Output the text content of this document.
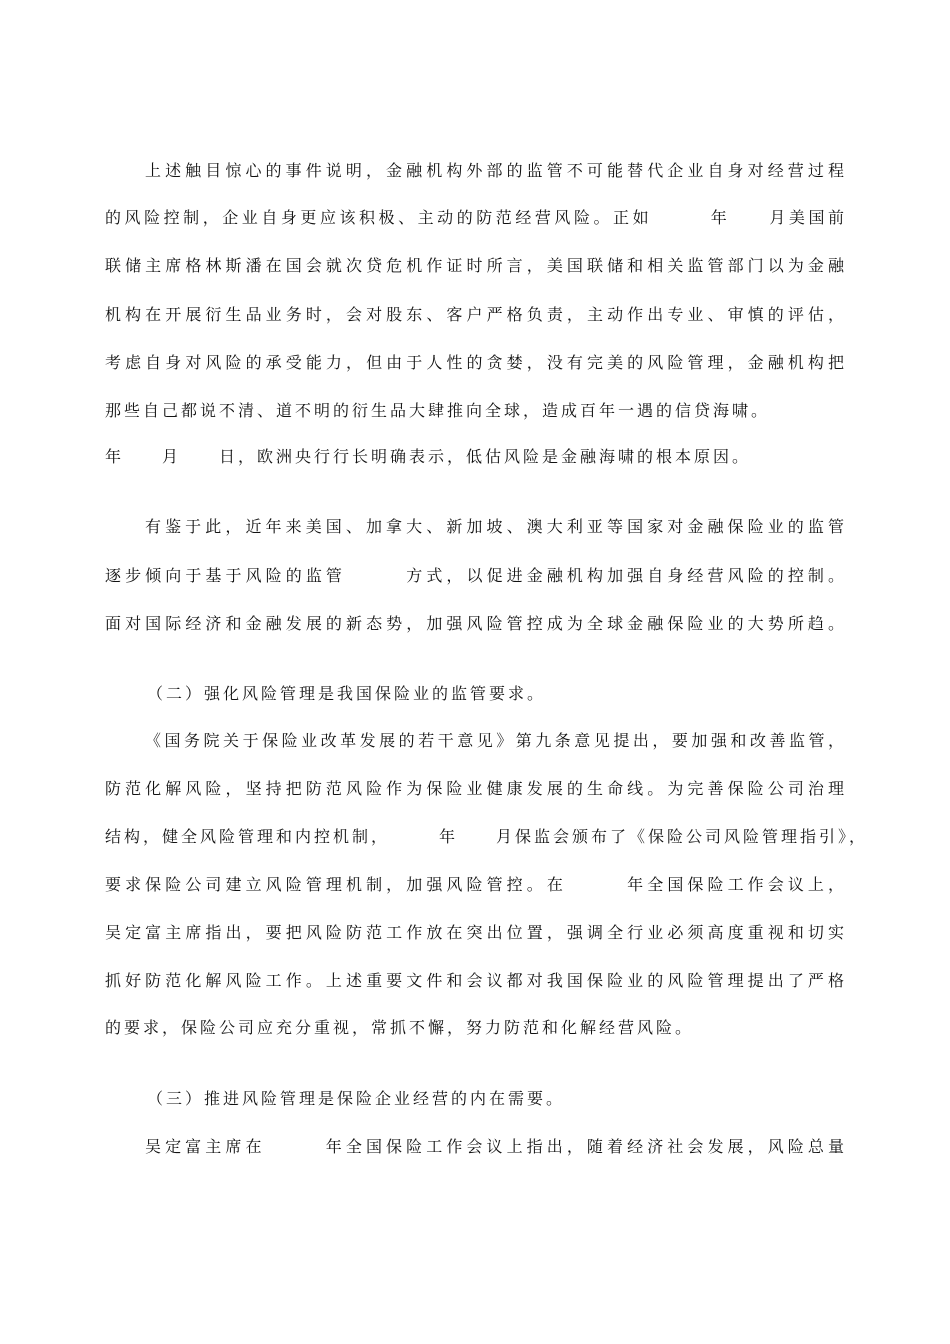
上述触目惊心的事件说明，金融机构外部的监管不可能替代企业自身对经营过程
的风险控制，企业自身更应该积极、主动的防范经营风险。正如　　　年　　月美国前
联储主席格林斯潘在国会就次贷危机作证时所言，美国联储和相关监管部门以为金融
机构在开展衍生品业务时，会对股东、客户严格负责，主动作出专业、审慎的评估，
考虑自身对风险的承受能力，但由于人性的贪婪，没有完美的风险管理，金融机构把
那些自己都说不清、道不明的衍生品大肆推向全球，造成百年一遇的信贷海啸。
年　　月　　日，欧洲央行行长明确表示，低估风险是金融海啸的根本原因。
有鉴于此，近年来美国、加拿大、新加坡、澳大利亚等国家对金融保险业的监管
逐步倾向于基于风险的监管　　　方式，以促进金融机构加强自身经营风险的控制。
面对国际经济和金融发展的新态势，加强风险管控成为全球金融保险业的大势所趋。
（二）强化风险管理是我国保险业的监管要求。
《国务院关于保险业改革发展的若干意见》第九条意见提出，要加强和改善监管，
防范化解风险，坚持把防范风险作为保险业健康发展的生命线。为完善保险公司治理
结构，健全风险管理和内控机制，　　　年　　月保监会颁布了《保险公司风险管理指引》，
要求保险公司建立风险管理机制，加强风险管控。在　　　年全国保险工作会议上，
吴定富主席指出，要把风险防范工作放在突出位置，强调全行业必须高度重视和切实
抓好防范化解风险工作。上述重要文件和会议都对我国保险业的风险管理提出了严格
的要求，保险公司应充分重视，常抓不懈，努力防范和化解经营风险。
（三）推进风险管理是保险企业经营的内在需要。
吴定富主席在　　　年全国保险工作会议上指出，随着经济社会发展，风险总量
